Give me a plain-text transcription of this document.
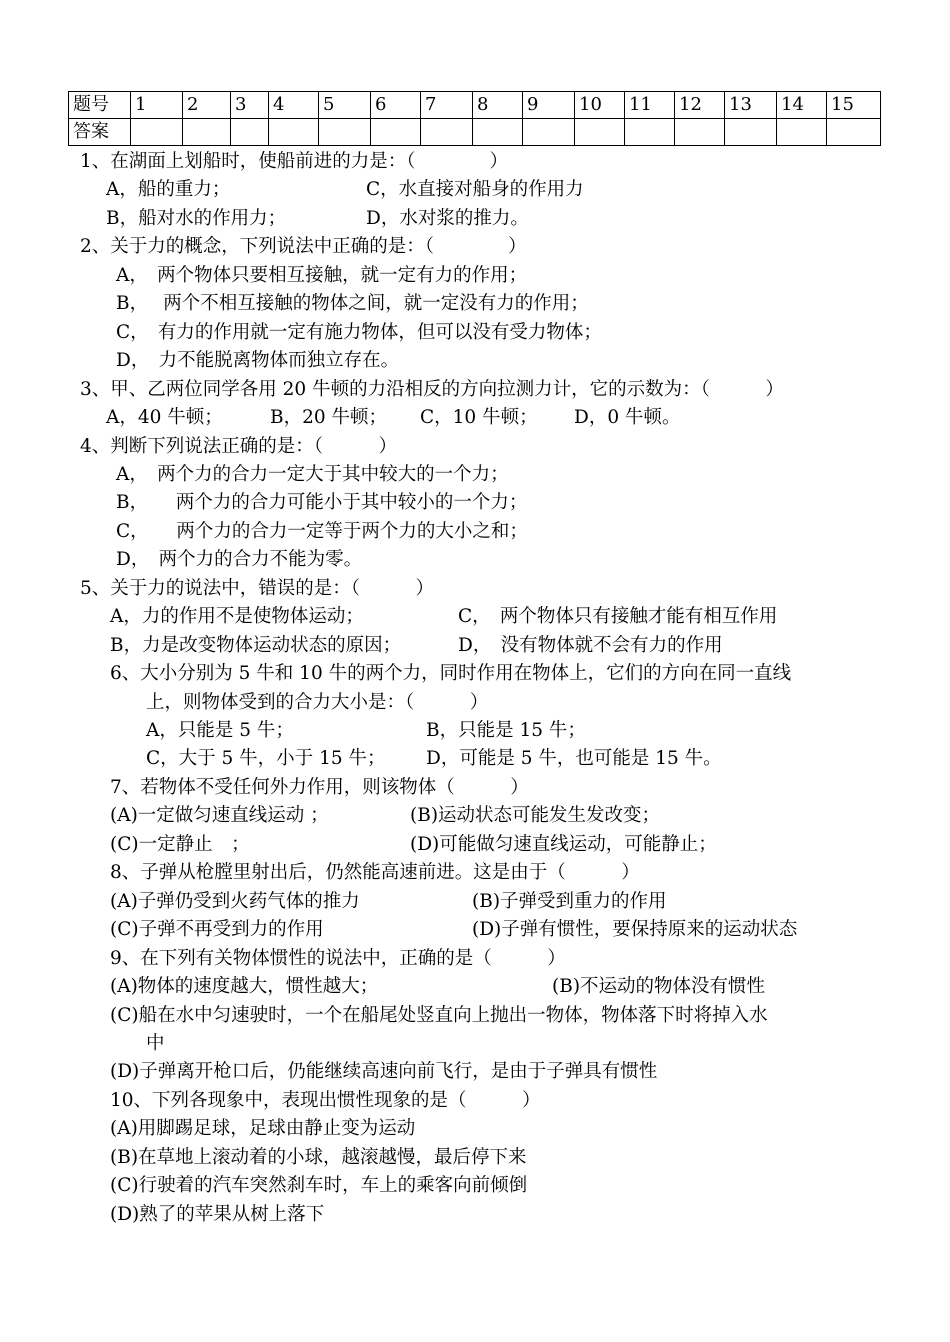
题号	1	2	3	4	5	6	7	8	9	10	11	12	13	14	15
答案															
1、在湖面上划船时，使船前进的力是：（　　　　）
A，船的重力；	C，水直接对船身的作用力
B，船对水的作用力；	D，水对浆的推力。
2、关于力的概念，下列说法中正确的是：（　　　　）
A，　两个物体只要相互接触，就一定有力的作用；
B，　 两个不相互接触的物体之间，就一定没有力的作用；
C，　有力的作用就一定有施力物体，但可以没有受力物体；
D，　力不能脱离物体而独立存在。
3、甲、乙两位同学各用 20 牛顿的力沿相反的方向拉测力计，它的示数为：（　　　）
A，40 牛顿；	B，20 牛顿； C，10 牛顿； D，0 牛顿。
4、判断下列说法正确的是：（　　　）
A，　两个力的合力一定大于其中较大的一个力；
B，　　两个力的合力可能小于其中较小的一个力；
C，　　两个力的合力一定等于两个力的大小之和；
D，　两个力的合力不能为零。
5、关于力的说法中，错误的是：（　　　）
A，力的作用不是使物体运动；	C，　两个物体只有接触才能有相互作用
B，力是改变物体运动状态的原因；	D，　没有物体就不会有力的作用
6、大小分别为 5 牛和 10 牛的两个力，同时作用在物体上，它们的方向在同一直线
上，则物体受到的合力大小是：（　　　）
A，只能是 5 牛；	B，只能是 15 牛；
C，大于 5 牛，小于 15 牛； D，可能是 5 牛，也可能是 15 牛。
7、若物体不受任何外力作用，则该物体（　　　）
(A)一定做匀速直线运动 ；	(B)运动状态可能发生发改变；
(C)一定静止　；	(D)可能做匀速直线运动，可能静止；
8、子弹从枪膛里射出后，仍然能高速前进。这是由于（　　　）
(A)子弹仍受到火药气体的推力	(B)子弹受到重力的作用
(C)子弹不再受到力的作用	(D)子弹有惯性，要保持原来的运动状态
9、在下列有关物体惯性的说法中，正确的是（　　　）
(A)物体的速度越大，惯性越大；	(B)不运动的物体没有惯性
(C)船在水中匀速驶时，一个在船尾处竖直向上抛出一物体，物体落下时将掉入水
中
(D)子弹离开枪口后，仍能继续高速向前飞行，是由于子弹具有惯性
10、下列各现象中，表现出惯性现象的是（　　　）
(A)用脚踢足球，足球由静止变为运动
(B)在草地上滚动着的小球，越滚越慢，最后停下来
(C)行驶着的汽车突然刹车时，车上的乘客向前倾倒
(D)熟了的苹果从树上落下
